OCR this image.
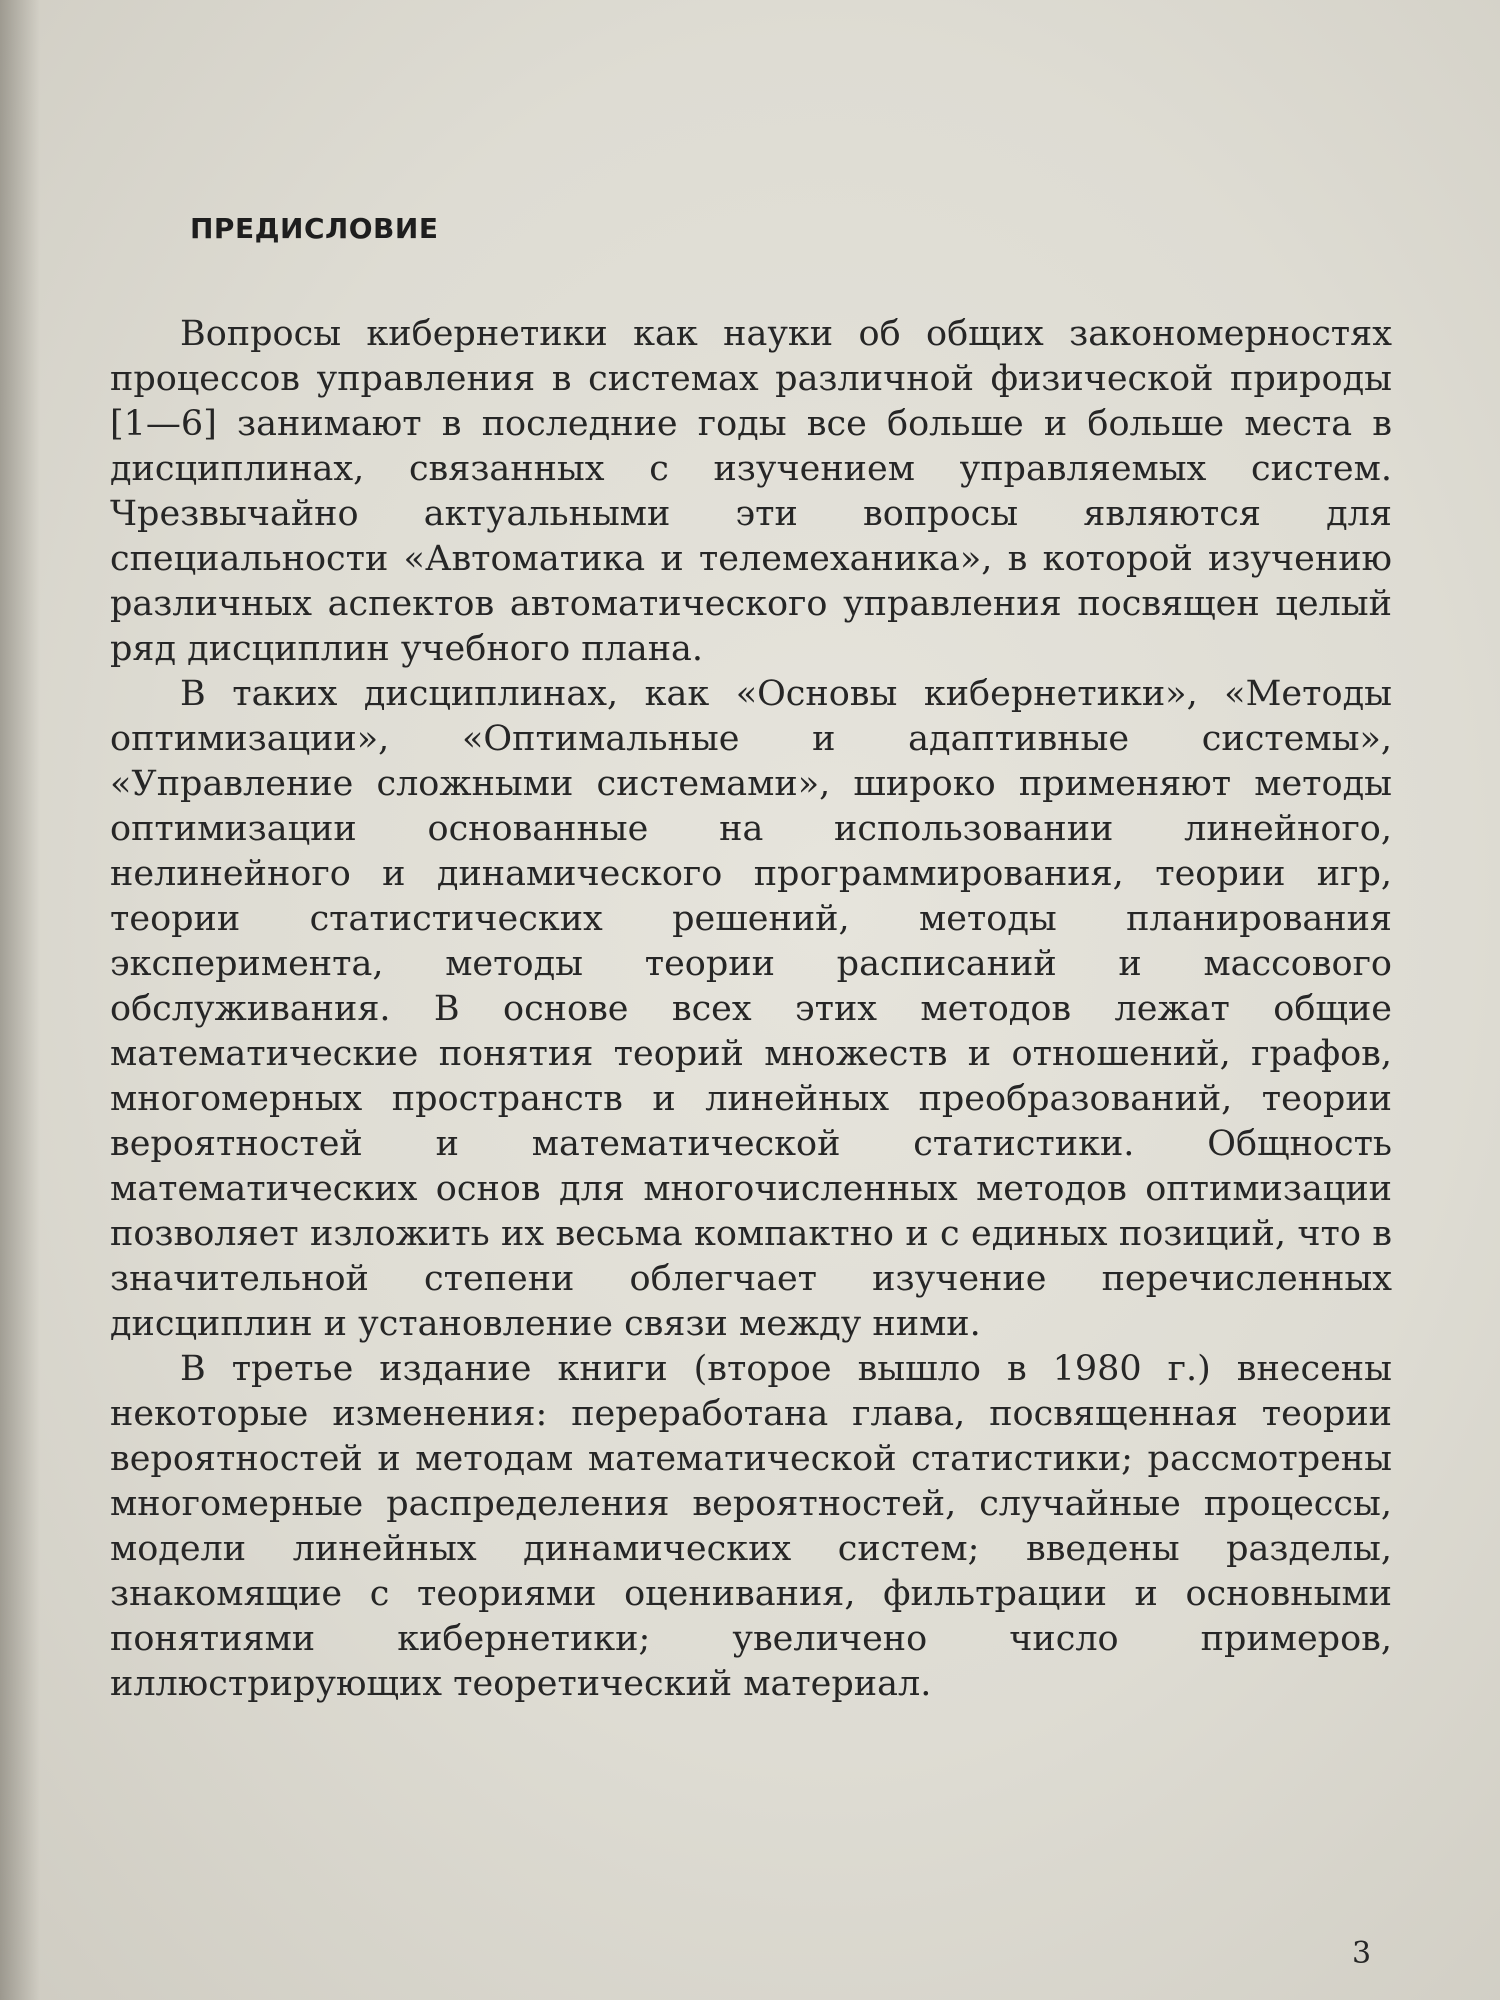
ПРЕДИСЛОВИЕ

Вопросы кибернетики как науки об общих закономерностях процессов управления в системах различной физической природы [1—6] занимают в последние годы все больше и больше места в дисциплинах, связанных с изучением управляемых систем. Чрезвычайно актуальными эти вопросы являются для специальности «Автоматика и телемеханика», в которой изучению различных аспектов автоматического управления посвящен целый ряд дисциплин учебного плана.

В таких дисциплинах, как «Основы кибернетики», «Методы оптимизации», «Оптимальные и адаптивные системы», «Управление сложными системами», широко применяют методы оптимизации основанные на использовании линейного, нелинейного и динамического программирования, теории игр, теории статистических решений, методы планирования эксперимента, методы теории расписаний и массового обслуживания. В основе всех этих методов лежат общие математические понятия теорий множеств и отношений, графов, многомерных пространств и линейных преобразований, теории вероятностей и математической статистики. Общность математических основ для многочисленных методов оптимизации позволяет изложить их весьма компактно и с единых позиций, что в значительной степени облегчает изучение перечисленных дисциплин и установление связи между ними.

В третье издание книги (второе вышло в 1980 г.) внесены некоторые изменения: переработана глава, посвященная теории вероятностей и методам математической статистики; рассмотрены многомерные распределения вероятностей, случайные процессы, модели линейных динамических систем; введены разделы, знакомящие с теориями оценивания, фильтрации и основными понятиями кибернетики; увеличено число примеров, иллюстрирующих теоретический материал.

3
